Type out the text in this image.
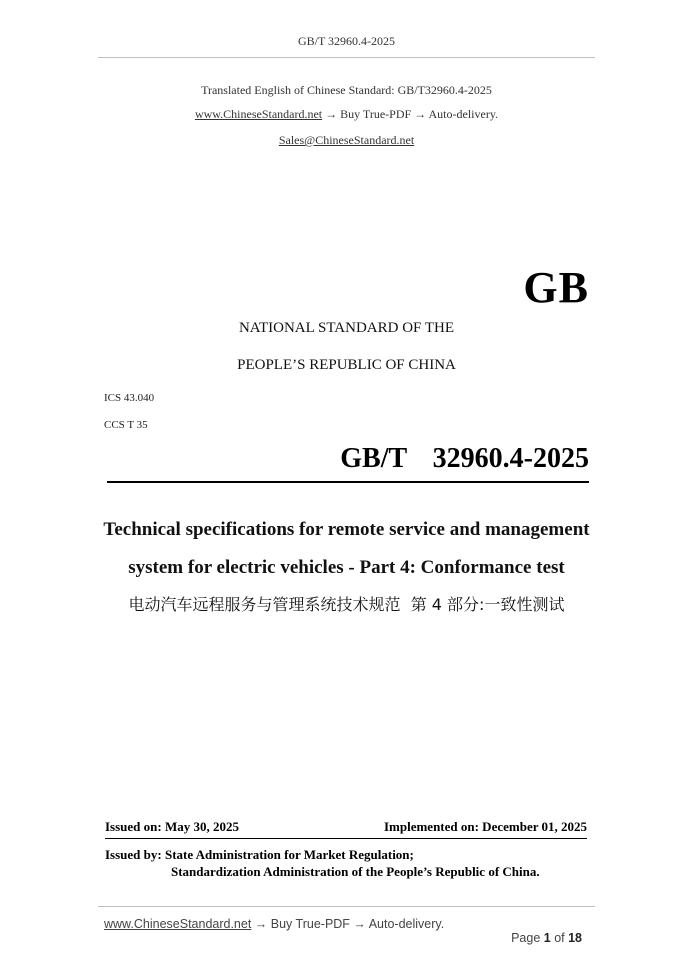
GB/T 32960.4-2025
Translated English of Chinese Standard: GB/T32960.4-2025
www.ChineseStandard.net → Buy True-PDF → Auto-delivery.
Sales@ChineseStandard.net
GB
NATIONAL STANDARD OF THE
PEOPLE’S REPUBLIC OF CHINA
ICS 43.040
CCS T 35
GB/T  32960.4-2025
Technical specifications for remote service and management
system for electric vehicles - Part 4: Conformance test
电动汽车远程服务与管理系统技术规范  第 4 部分:一致性测试
Issued on: May 30, 2025	Implemented on: December 01, 2025
Issued by: State Administration for Market Regulation;
Standardization Administration of the People’s Republic of China.
www.ChineseStandard.net → Buy True-PDF → Auto-delivery.

Page 1 of 18
